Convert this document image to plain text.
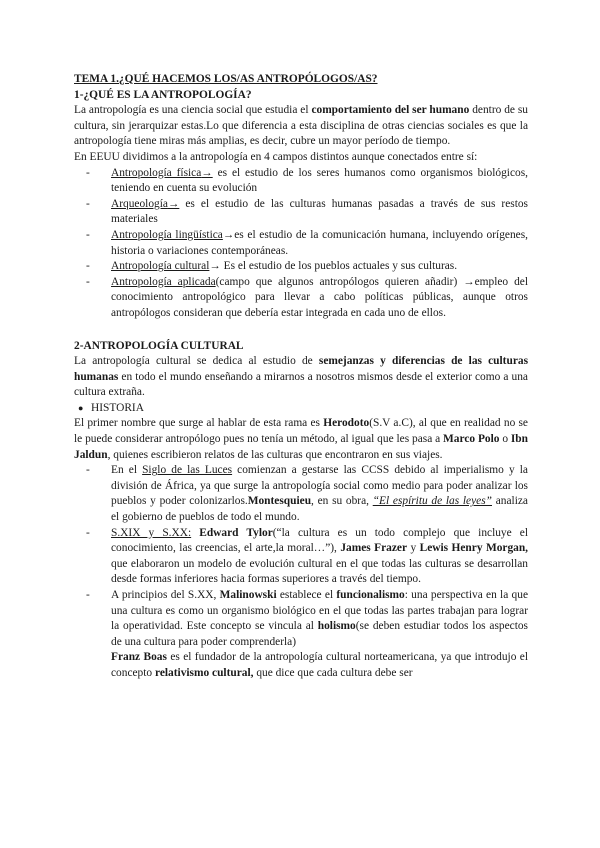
TEMA 1.¿QUÉ HACEMOS LOS/AS ANTROPÓLOGOS/AS?
1-¿QUÉ ES LA ANTROPOLOGÍA?

La antropología es una ciencia social que estudia el comportamiento del ser humano dentro de su cultura, sin jerarquizar estas.Lo que diferencia a esta disciplina de otras ciencias sociales es que la antropología tiene miras más amplias, es decir, cubre un mayor período de tiempo.

En EEUU dividimos a la antropología en 4 campos distintos aunque conectados entre sí:

- Antropología física→ es el estudio de los seres humanos como organismos biológicos, teniendo en cuenta su evolución
- Arqueología→ es el estudio de las culturas humanas pasadas a través de sus restos materiales
- Antropología lingüística→es el estudio de la comunicación humana, incluyendo orígenes, historia o variaciones contemporáneas.
- Antropología cultural→ Es el estudio de los pueblos actuales y sus culturas.
- Antropología aplicada(campo que algunos antropólogos quieren añadir) →empleo del conocimiento antropológico para llevar a cabo políticas públicas, aunque otros antropólogos consideran que debería estar integrada en cada uno de ellos.
2-ANTROPOLOGÍA CULTURAL

La antropología cultural se dedica al estudio de semejanzas y diferencias de las culturas humanas en todo el mundo enseñando a mirarnos a nosotros mismos desde el exterior como a una cultura extraña.

● HISTORIA

El primer nombre que surge al hablar de esta rama es Herodoto(S.V a.C), al que en realidad no se le puede considerar antropólogo pues no tenía un método, al igual que les pasa a Marco Polo o Ibn Jaldun, quienes escribieron relatos de las culturas que encontraron en sus viajes.

- En el Siglo de las Luces comienzan a gestarse las CCSS debido al imperialismo y la división de África, ya que surge la antropología social como medio para poder analizar los pueblos y poder colonizarlos.Montesquieu, en su obra, “El espíritu de las leyes” analiza el gobierno de pueblos de todo el mundo.
- S.XIX y S.XX: Edward Tylor(“la cultura es un todo complejo que incluye el conocimiento, las creencias, el arte,la moral…”), James Frazer y Lewis Henry Morgan, que elaboraron un modelo de evolución cultural en el que todas las culturas se desarrollan desde formas inferiores hacia formas superiores a través del tiempo.
- A principios del S.XX, Malinowski establece el funcionalismo: una perspectiva en la que una cultura es como un organismo biológico en el que todas las partes trabajan para lograr la operatividad. Este concepto se vincula al holismo(se deben estudiar todos los aspectos de una cultura para poder comprenderla)

Franz Boas es el fundador de la antropología cultural norteamericana, ya que introdujo el concepto relativismo cultural, que dice que cada cultura debe ser
